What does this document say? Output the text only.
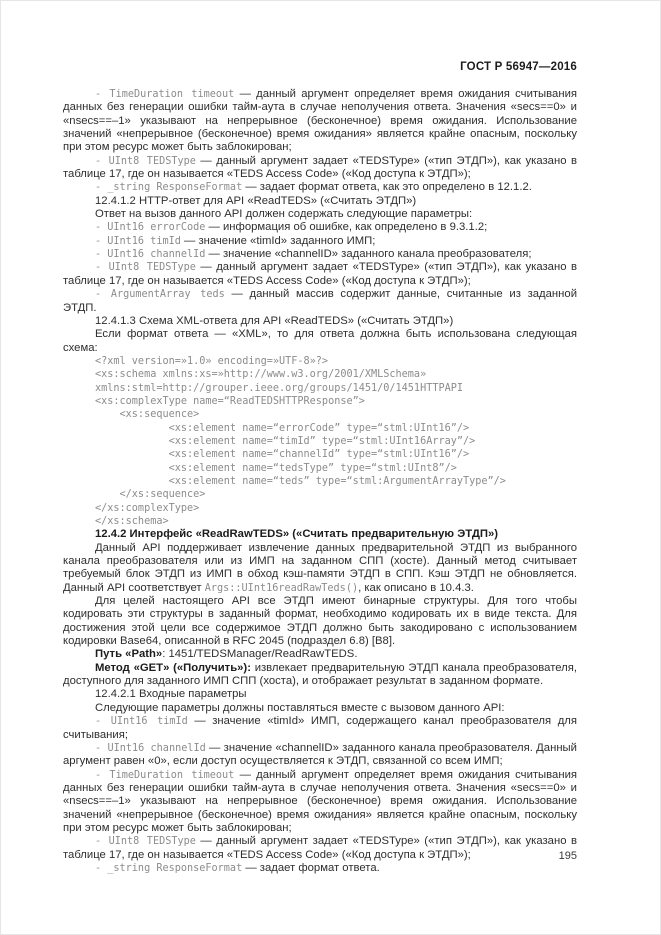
ГОСТ Р 56947—2016
- TimeDuration timeout — данный аргумент определяет время ожидания считывания данных без генерации ошибки тайм-аута в случае неполучения ответа. Значения «secs==0» и «nsecs==–1» указывают на непрерывное (бесконечное) время ожидания. Использование значений «непрерывное (бесконечное) время ожидания» является крайне опасным, поскольку при этом ресурс может быть заблокирован;
- UInt8 TEDSType — данный аргумент задает «TEDSType» («тип ЭТДП»), как указано в таблице 17, где он называется «TEDS Access Code» («Код доступа к ЭТДП»);
- _string ResponseFormat — задает формат ответа, как это определено в 12.1.2.
12.4.1.2 HTTP-ответ для API «ReadTEDS» («Считать ЭТДП»)
Ответ на вызов данного API должен содержать следующие параметры:
- UInt16 errorCode — информация об ошибке, как определено в 9.3.1.2;
- UInt16 timId — значение «timId» заданного ИМП;
- UInt16 channelId — значение «channelID» заданного канала преобразователя;
- UInt8 TEDSType — данный аргумент задает «TEDSType» («тип ЭТДП»), как указано в таблице 17, где он называется «TEDS Access Code» («Код доступа к ЭТДП»);
- ArgumentArray teds — данный массив содержит данные, считанные из заданной ЭТДП.
12.4.1.3 Схема XML-ответа для API «ReadTEDS» («Считать ЭТДП»)
Если формат ответа — «XML», то для ответа должна быть использована следующая схема:
<?xml version=»1.0» encoding=»UTF-8»?>
<xs:schema xmlns:xs=»http://www.w3.org/2001/XMLSchema»
xmlns:stml=http://grouper.ieee.org/groups/1451/0/1451HTTPAPI
<xs:complexType name=“ReadTEDSHTTPResponse”>
<xs:sequence>
<xs:element name=“errorCode” type=“stml:UInt16”/>
<xs:element name=“timId” type=“stml:UInt16Array”/>
<xs:element name=“channelId” type=“stml:UInt16”/>
<xs:element name=“tedsType” type=“stml:UInt8”/>
<xs:element name=“teds” type=“stml:ArgumentArrayType”/>
</xs:sequence>
</xs:complexType>
</xs:schema>
12.4.2 Интерфейс «ReadRawTEDS» («Считать предварительную ЭТДП»)
Данный API поддерживает извлечение данных предварительной ЭТДП из выбранного канала преобразователя или из ИМП на заданном СПП (хосте). Данный метод считывает требуемый блок ЭТДП из ИМП в обход кэш-памяти ЭТДП в СПП. Кэш ЭТДП не обновляется. Данный API соответствует Args::UInt16readRawTeds(), как описано в 10.4.3.
Для целей настоящего API все ЭТДП имеют бинарные структуры. Для того чтобы кодировать эти структуры в заданный формат, необходимо кодировать их в виде текста. Для достижения этой цели все содержимое ЭТДП должно быть закодировано с использованием кодировки Base64, описанной в RFC 2045 (подраздел 6.8) [B8].
Путь «Path»: 1451/TEDSManager/ReadRawTEDS.
Метод «GET» («Получить»): извлекает предварительную ЭТДП канала преобразователя, доступного для заданного ИМП СПП (хоста), и отображает результат в заданном формате.
12.4.2.1 Входные параметры
Следующие параметры должны поставляться вместе с вызовом данного API:
- UInt16 timId — значение «timId» ИМП, содержащего канал преобразователя для считывания;
- UInt16 channelId — значение «channelID» заданного канала преобразователя. Данный аргумент равен «0», если доступ осуществляется к ЭТДП, связанной со всем ИМП;
- TimeDuration timeout — данный аргумент определяет время ожидания считывания данных без генерации ошибки тайм-аута в случае неполучения ответа. Значения «secs==0» и «nsecs==–1» указывают на непрерывное (бесконечное) время ожидания. Использование значений «непрерывное (бесконечное) время ожидания» является крайне опасным, поскольку при этом ресурс может быть заблокирован;
- UInt8 TEDSType — данный аргумент задает «TEDSType» («тип ЭТДП»), как указано в таблице 17, где он называется «TEDS Access Code» («Код доступа к ЭТДП»);
- _string ResponseFormat — задает формат ответа.
195
